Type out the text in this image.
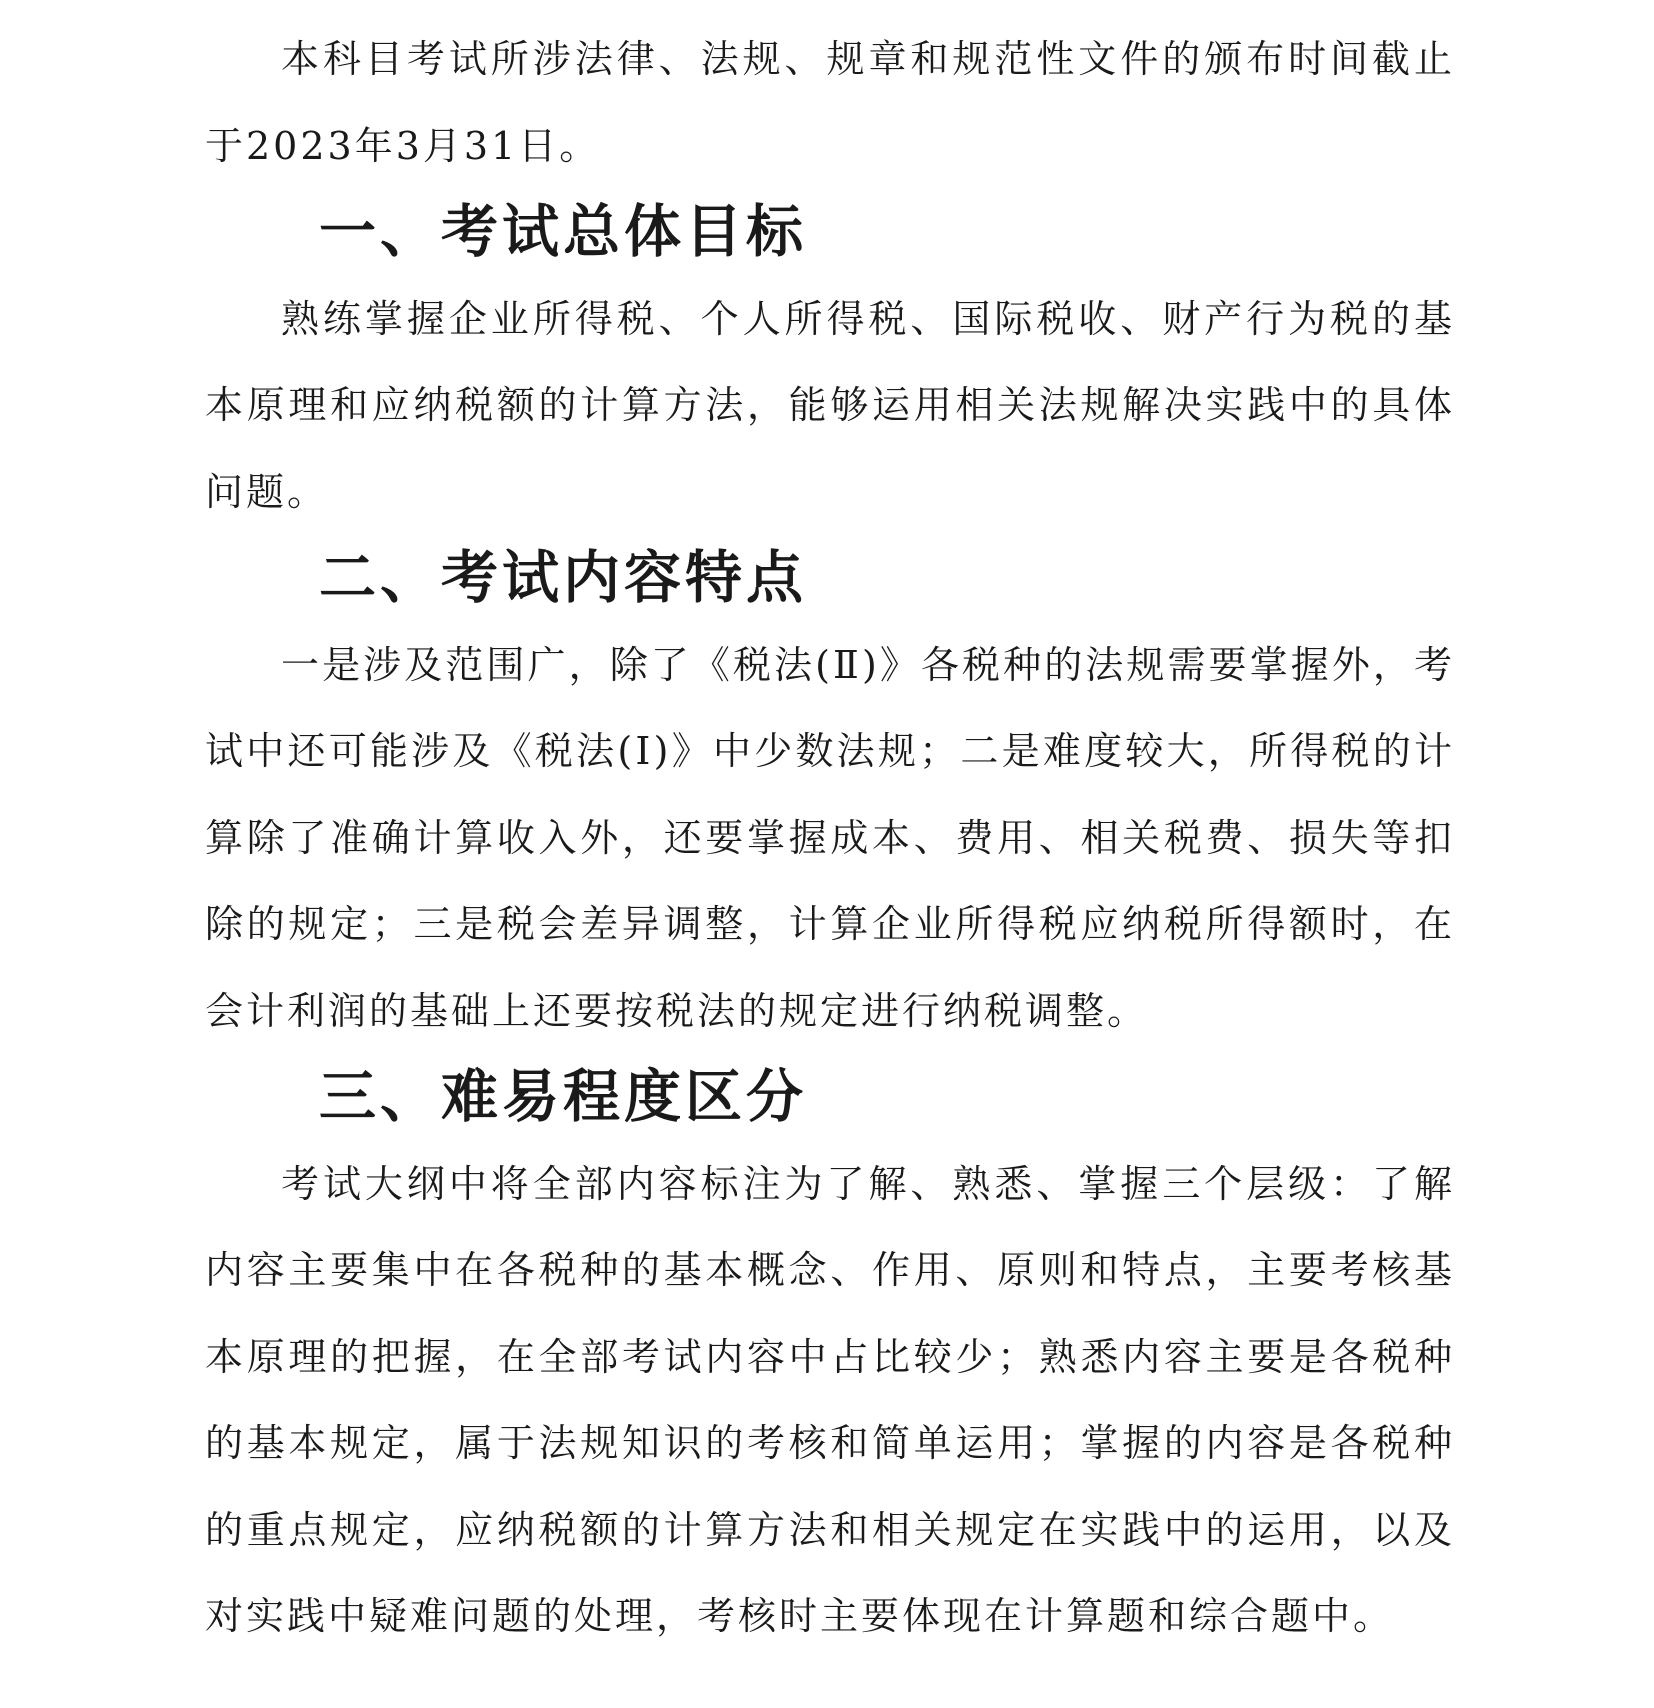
本科目考试所涉法律、法规、规章和规范性文件的颁布时间截止于2023年3月31日。

一、考试总体目标

熟练掌握企业所得税、个人所得税、国际税收、财产行为税的基本原理和应纳税额的计算方法，能够运用相关法规解决实践中的具体问题。

二、考试内容特点

一是涉及范围广，除了《税法(Ⅱ)》各税种的法规需要掌握外，考试中还可能涉及《税法(Ⅰ)》中少数法规；二是难度较大，所得税的计算除了准确计算收入外，还要掌握成本、费用、相关税费、损失等扣除的规定；三是税会差异调整，计算企业所得税应纳税所得额时，在会计利润的基础上还要按税法的规定进行纳税调整。

三、难易程度区分

考试大纲中将全部内容标注为了解、熟悉、掌握三个层级：了解内容主要集中在各税种的基本概念、作用、原则和特点，主要考核基本原理的把握，在全部考试内容中占比较少；熟悉内容主要是各税种的基本规定，属于法规知识的考核和简单运用；掌握的内容是各税种的重点规定，应纳税额的计算方法和相关规定在实践中的运用，以及对实践中疑难问题的处理，考核时主要体现在计算题和综合题中。
